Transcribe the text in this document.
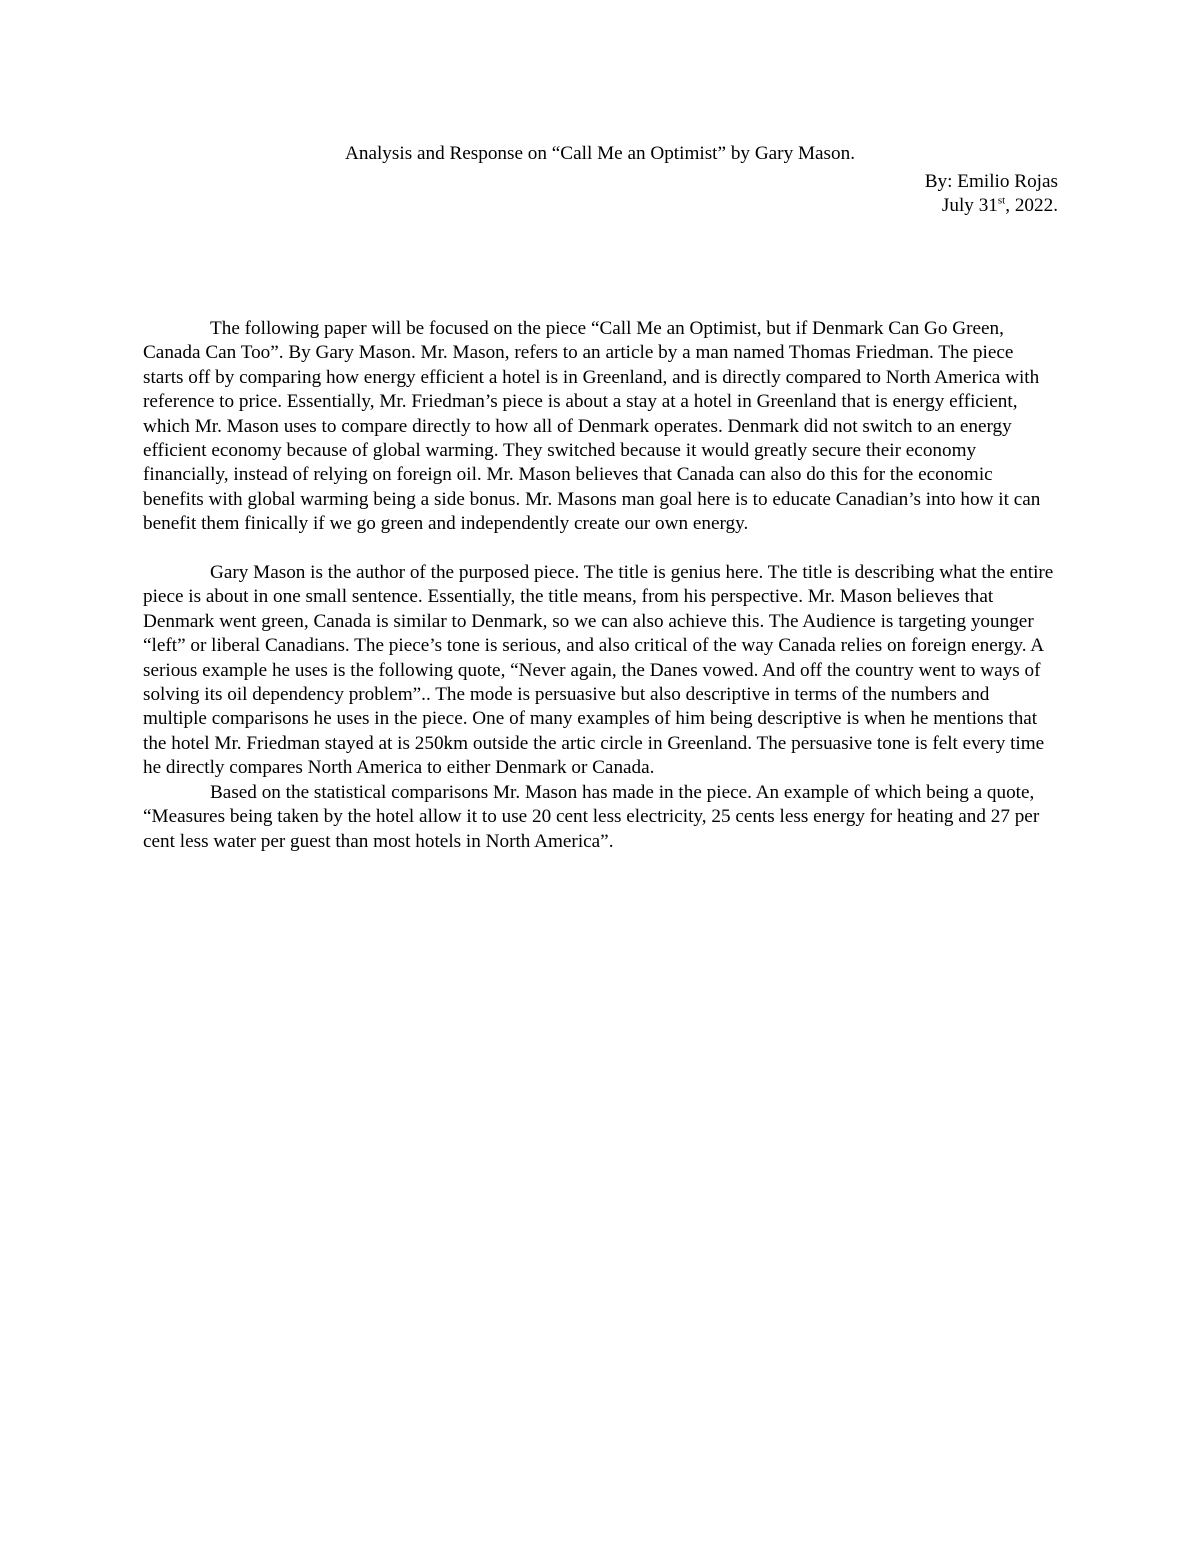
Analysis and Response on “Call Me an Optimist” by Gary Mason.
By: Emilio Rojas
July 31st, 2022.

The following paper will be focused on the piece “Call Me an Optimist, but if Denmark Can Go Green, Canada Can Too”. By Gary Mason. Mr. Mason, refers to an article by a man named Thomas Friedman. The piece starts off by comparing how energy efficient a hotel is in Greenland, and is directly compared to North America with reference to price. Essentially, Mr. Friedman’s piece is about a stay at a hotel in Greenland that is energy efficient, which Mr. Mason uses to compare directly to how all of Denmark operates. Denmark did not switch to an energy efficient economy because of global warming. They switched because it would greatly secure their economy financially, instead of relying on foreign oil. Mr. Mason believes that Canada can also do this for the economic benefits with global warming being a side bonus. Mr. Masons man goal here is to educate Canadian’s into how it can benefit them finically if we go green and independently create our own energy.

Gary Mason is the author of the purposed piece. The title is genius here. The title is describing what the entire piece is about in one small sentence. Essentially, the title means, from his perspective. Mr. Mason believes that Denmark went green, Canada is similar to Denmark, so we can also achieve this. The Audience is targeting younger “left” or liberal Canadians. The piece’s tone is serious, and also critical of the way Canada relies on foreign energy. A serious example he uses is the following quote, “Never again, the Danes vowed. And off the country went to ways of solving its oil dependency problem”.. The mode is persuasive but also descriptive in terms of the numbers and multiple comparisons he uses in the piece. One of many examples of him being descriptive is when he mentions that the hotel Mr. Friedman stayed at is 250km outside the artic circle in Greenland. The persuasive tone is felt every time he directly compares North America to either Denmark or Canada.

Based on the statistical comparisons Mr. Mason has made in the piece. An example of which being a quote, “Measures being taken by the hotel allow it to use 20 cent less electricity, 25 cents less energy for heating and 27 per cent less water per guest than most hotels in North America”.
